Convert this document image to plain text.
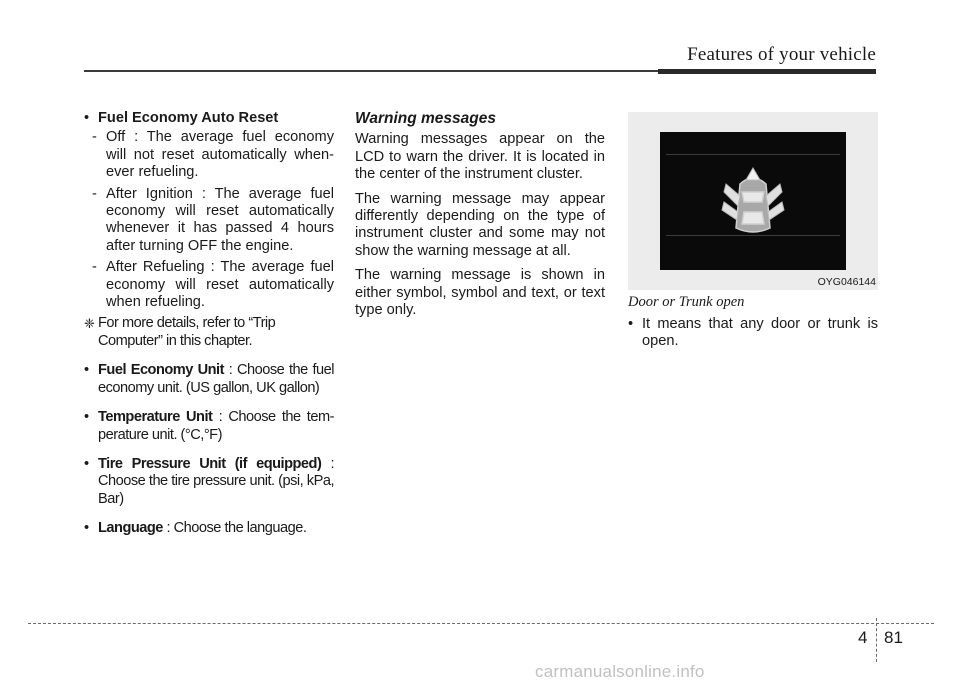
Features of your vehicle
• Fuel Economy Auto Reset
- Off : The average fuel economy will not reset automatically when-ever refueling.
- After Ignition : The average fuel economy will reset automatically whenever it has passed 4 hours after turning OFF the engine.
- After Refueling : The average fuel economy will reset automatically when refueling.
❈ For more details, refer to “Trip Computer” in this chapter.
• Fuel Economy Unit : Choose the fuel economy unit. (US gallon, UK gallon)
• Temperature Unit : Choose the tem-perature unit. (°C,°F)
• Tire Pressure Unit (if equipped) : Choose the tire pressure unit. (psi, kPa, Bar)
• Language : Choose the language.
Warning messages

Warning messages appear on the LCD to warn the driver. It is located in the center of the instrument cluster.

The warning message may appear differently depending on the type of instrument cluster and some may not show the warning message at all.

The warning message is shown in either symbol, symbol and text, or text type only.

OYG046144
Door or Trunk open
• It means that any door or trunk is open.
4 81
carmanualsonline.info
